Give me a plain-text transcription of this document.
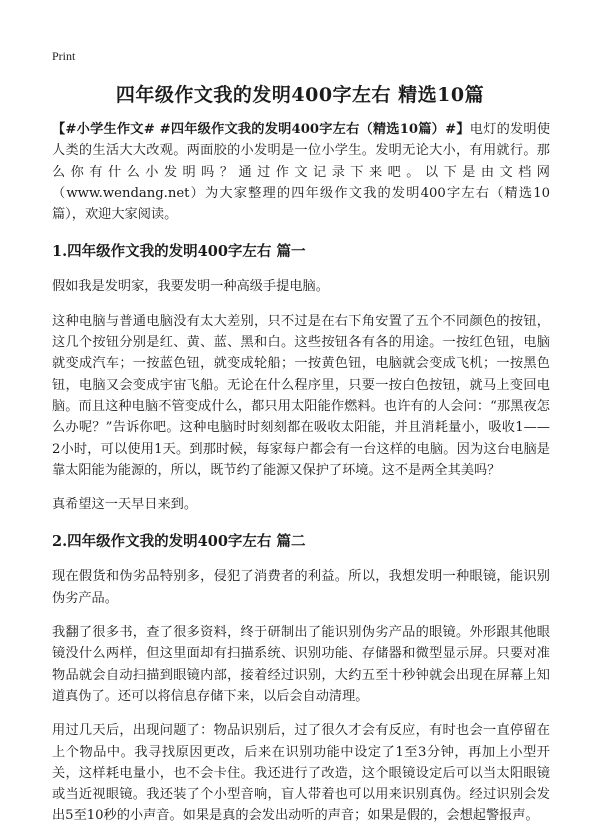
Print
四年级作文我的发明400字左右 精选10篇

【#小学生作文# #四年级作文我的发明400字左右（精选10篇）#】电灯的发明使人类的生活大大改观。两面胶的小发明是一位小学生。发明无论大小，有用就行。那么你有什么小发明吗？通过作文记录下来吧。以下是由文档网（www.wendang.net）为大家整理的四年级作文我的发明400字左右（精选10篇），欢迎大家阅读。

1.四年级作文我的发明400字左右 篇一

假如我是发明家，我要发明一种高级手提电脑。

这种电脑与普通电脑没有太大差别，只不过是在右下角安置了五个不同颜色的按钮，这几个按钮分别是红、黄、蓝、黑和白。这些按钮各有各的用途。一按红色钮，电脑就变成汽车；一按蓝色钮，就变成轮船；一按黄色钮，电脑就会变成飞机；一按黑色钮，电脑又会变成宇宙飞船。无论在什么程序里，只要一按白色按钮，就马上变回电脑。而且这种电脑不管变成什么，都只用太阳能作燃料。也许有的人会问：“那黑夜怎么办呢？”告诉你吧。这种电脑时时刻刻都在吸收太阳能，并且消耗量小，吸收1——2小时，可以使用1天。到那时候，每家每户都会有一台这样的电脑。因为这台电脑是靠太阳能为能源的，所以，既节约了能源又保护了环境。这不是两全其美吗？

真希望这一天早日来到。

2.四年级作文我的发明400字左右 篇二

现在假货和伪劣品特别多，侵犯了消费者的利益。所以，我想发明一种眼镜，能识别伪劣产品。

我翻了很多书，查了很多资料，终于研制出了能识别伪劣产品的眼镜。外形跟其他眼镜没什么两样，但这里面却有扫描系统、识别功能、存储器和微型显示屏。只要对准物品就会自动扫描到眼镜内部，接着经过识别，大约五至十秒钟就会出现在屏幕上知道真伪了。还可以将信息存储下来，以后会自动清理。

用过几天后，出现问题了：物品识别后，过了很久才会有反应，有时也会一直停留在上个物品中。我寻找原因更改，后来在识别功能中设定了1至3分钟，再加上小型开关，这样耗电量小，也不会卡住。我还进行了改造，这个眼镜设定后可以当太阳眼镜或当近视眼镜。我还装了个小型音响，盲人带着也可以用来识别真伪。经过识别会发出5至10秒的小声音。如果是真的会发出动听的声音；如果是假的，会想起警报声。
